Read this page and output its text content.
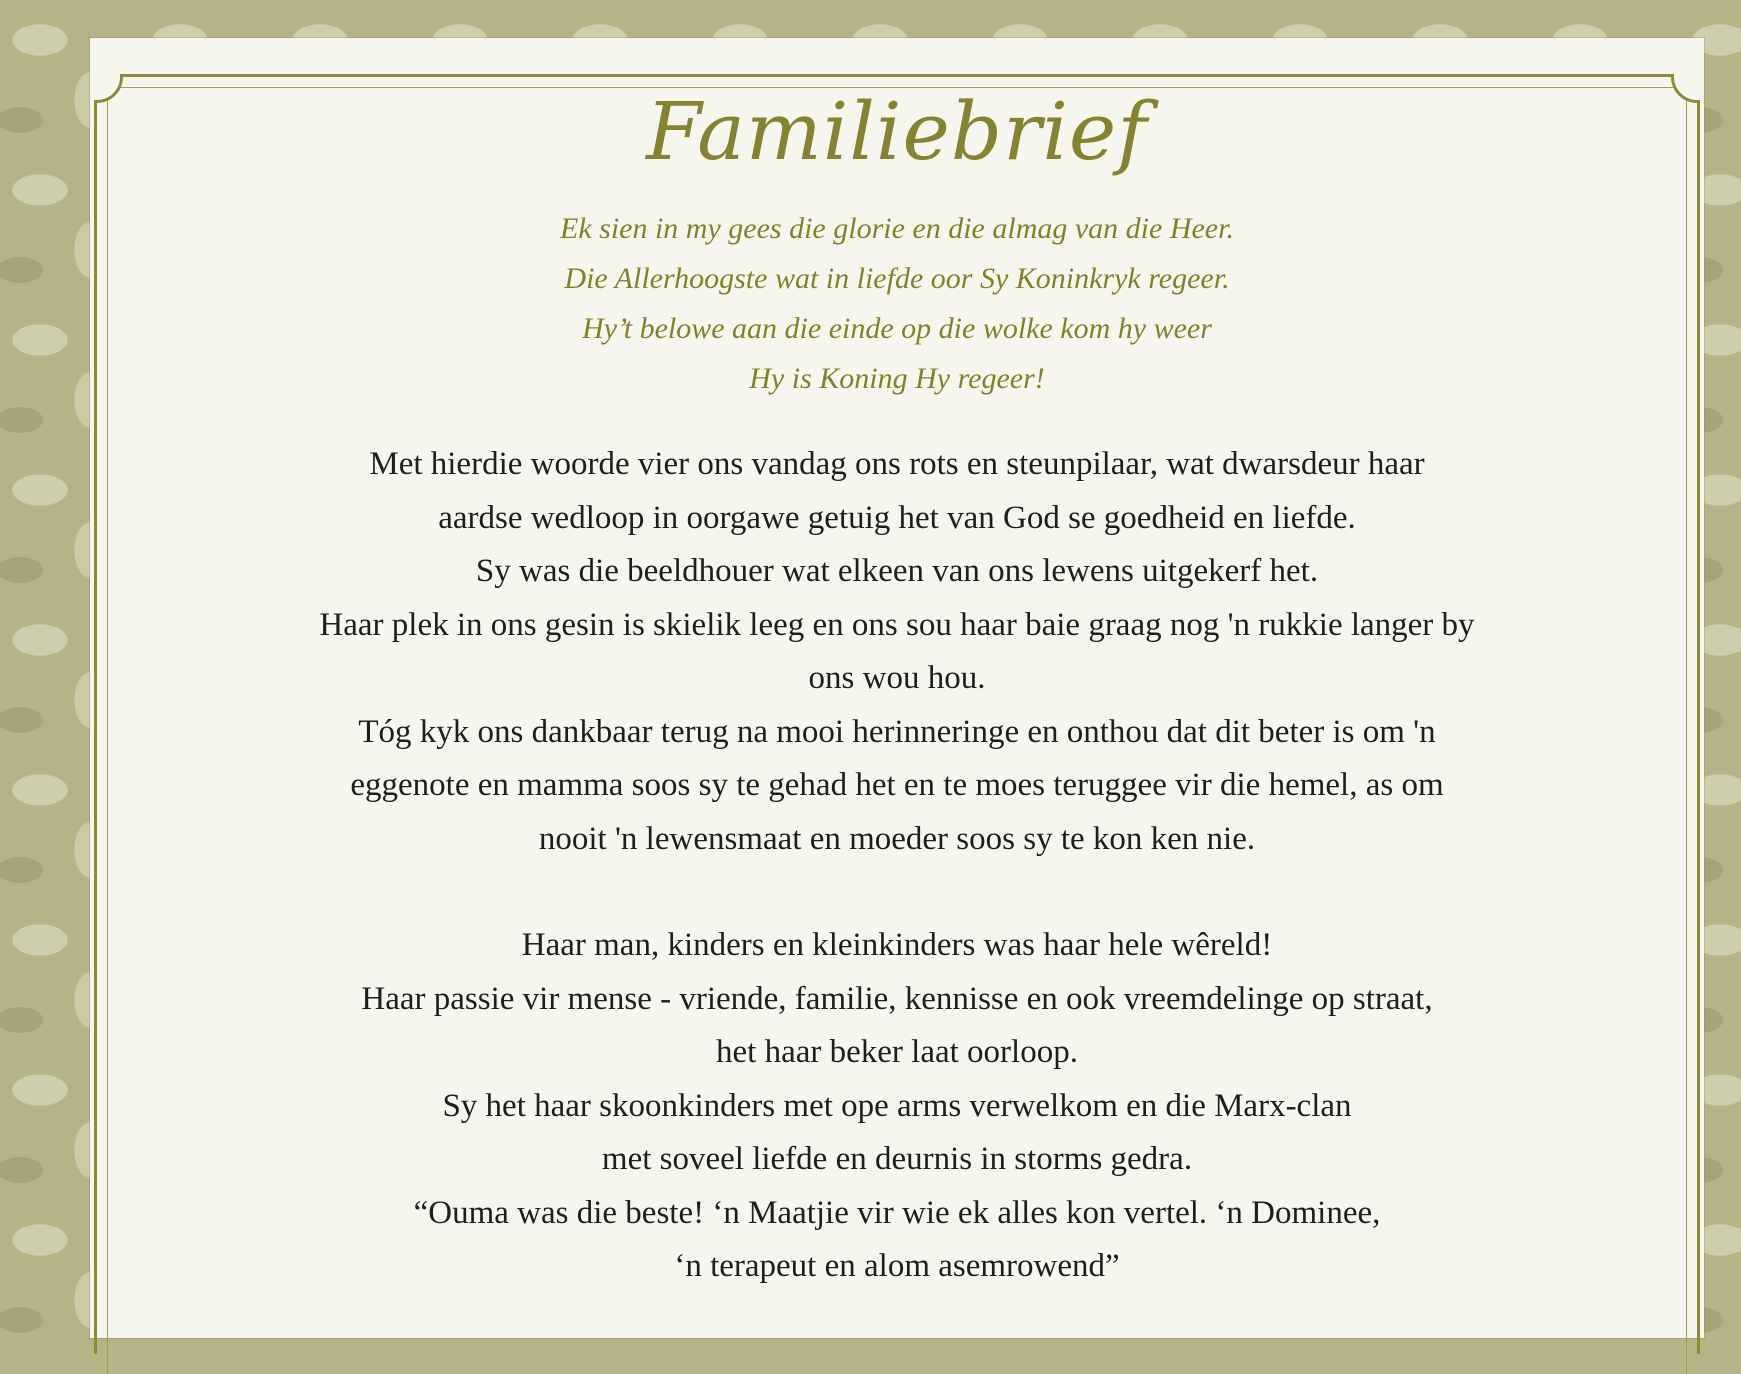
Familiebrief
Ek sien in my gees die glorie en die almag van die Heer.
Die Allerhoogste wat in liefde oor Sy Koninkryk regeer.
Hy’t belowe aan die einde op die wolke kom hy weer
Hy is Koning Hy regeer!

Met hierdie woorde vier ons vandag ons rots en steunpilaar, wat dwarsdeur haar

aardse wedloop in oorgawe getuig het van God se goedheid en liefde.

Sy was die beeldhouer wat elkeen van ons lewens uitgekerf het.

Haar plek in ons gesin is skielik leeg en ons sou haar baie graag nog 'n rukkie langer by

ons wou hou.

Tóg kyk ons dankbaar terug na mooi herinneringe en onthou dat dit beter is om 'n

eggenote en mamma soos sy te gehad het en te moes teruggee vir die hemel, as om

nooit 'n lewensmaat en moeder soos sy te kon ken nie.

Haar man, kinders en kleinkinders was haar hele wêreld!

Haar passie vir mense - vriende, familie, kennisse en ook vreemdelinge op straat,

het haar beker laat oorloop.

Sy het haar skoonkinders met ope arms verwelkom en die Marx-clan

met soveel liefde en deurnis in storms gedra.

“Ouma was die beste! ‘n Maatjie vir wie ek alles kon vertel. ‘n Dominee,

‘n terapeut en alom asemrowend”
